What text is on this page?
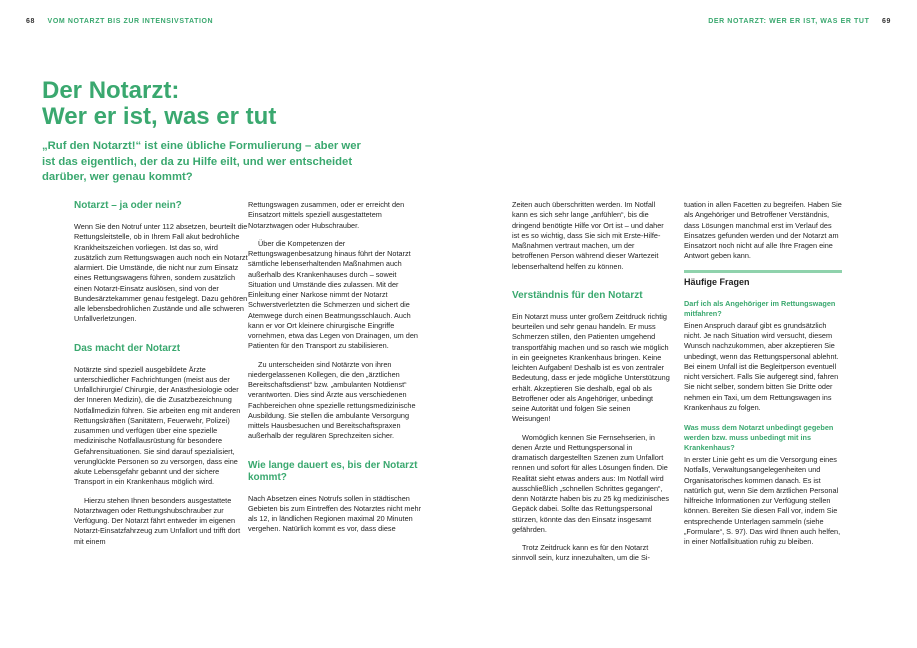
68 VOM NOTARZT BIS ZUR INTENSIVSTATION	DER NOTARZT: WER ER IST, WAS ER TUT 69
Der Notarzt:
Wer er ist, was er tut

„Ruf den Notarzt!“ ist eine übliche Formulierung – aber wer ist das eigentlich, der da zu Hilfe eilt, und wer entscheidet darüber, wer genau kommt?

Notarzt – ja oder nein?

Wenn Sie den Notruf unter 112 absetzen, beurteilt die Rettungsleitstelle, ob in Ihrem Fall akut bedrohliche Krankheitszeichen vorliegen. Ist das so, wird zusätzlich zum Rettungswagen auch noch ein Notarzt alarmiert. Die Umstände, die nicht nur zum Einsatz eines Rettungswagens führen, sondern zusätzlich einen Notarzt-Einsatz auslösen, sind von der Bundesärztekammer genau festgelegt. Dazu gehören alle lebensbedrohlichen Zustände und alle schweren Unfallverletzungen.

Das macht der Notarzt

Notärzte sind speziell ausgebildete Ärzte unterschiedlicher Fachrichtungen (meist aus der Unfallchirurgie/ Chirurgie, der Anästhesiologie oder der Inneren Medizin), die die Zusatzbezeichnung Notfallmedizin führen. Sie arbeiten eng mit anderen Rettungskräften (Sanitätern, Feuerwehr, Polizei) zusammen und verfügen über eine spezielle medizinische Notfallausrüstung für besondere Gefahrensituationen. Sie sind darauf spezialisiert, verunglückte Personen so zu versorgen, dass eine akute Lebensgefahr gebannt und der sichere Transport in ein Krankenhaus möglich wird.

Hierzu stehen Ihnen besonders ausgestattete Notarztwagen oder Rettungshubschrauber zur Verfügung. Der Notarzt fährt entweder im eigenen Notarzt-Einsatzfahrzeug zum Unfallort und trifft dort mit einem

Rettungswagen zusammen, oder er erreicht den Einsatzort mittels speziell ausgestattetem Notarztwagen oder Hubschrauber.

Über die Kompetenzen der Rettungswagenbesatzung hinaus führt der Notarzt sämtliche lebenserhaltenden Maßnahmen auch außerhalb des Krankenhauses durch – soweit Situation und Umstände dies zulassen. Mit der Einleitung einer Narkose nimmt der Notarzt Schwerstverletzten die Schmerzen und sichert die Atemwege durch einen Beatmungsschlauch. Auch kann er vor Ort kleinere chirurgische Eingriffe vornehmen, etwa das Legen von Drainagen, um den Patienten für den Transport zu stabilisieren.

Zu unterscheiden sind Notärzte von ihren niedergelassenen Kollegen, die den „ärztlichen Bereitschaftsdienst“ bzw. „ambulanten Notdienst“ verantworten. Dies sind Ärzte aus verschiedenen Fachbereichen ohne spezielle rettungsmedizinische Ausbildung. Sie stellen die ambulante Versorgung mittels Hausbesuchen und Bereitschaftspraxen außerhalb der regulären Sprechzeiten sicher.

Wie lange dauert es, bis der Notarzt kommt?

Nach Absetzen eines Notrufs sollen in städtischen Gebieten bis zum Eintreffen des Notarztes nicht mehr als 12, in ländlichen Regionen maximal 20 Minuten vergehen. Natürlich kommt es vor, dass diese

Zeiten auch überschritten werden. Im Notfall kann es sich sehr lange „anfühlen“, bis die dringend benötigte Hilfe vor Ort ist – und daher ist es so wichtig, dass Sie sich mit Erste-Hilfe-Maßnahmen vertraut machen, um der betroffenen Person während dieser Wartezeit lebenserhaltend helfen zu können.

Verständnis für den Notarzt

Ein Notarzt muss unter großem Zeitdruck richtig beurteilen und sehr genau handeln. Er muss Schmerzen stillen, den Patienten umgehend transportfähig machen und so rasch wie möglich in ein geeignetes Krankenhaus bringen. Keine leichten Aufgaben! Deshalb ist es von zentraler Bedeutung, dass er jede mögliche Unterstützung erhält. Akzeptieren Sie deshalb, egal ob als Betroffener oder als Angehöriger, unbedingt seine Autorität und folgen Sie seinen Weisungen!

Womöglich kennen Sie Fernsehserien, in denen Ärzte und Rettungspersonal in dramatisch dargestellten Szenen zum Unfallort rennen und sofort für alles Lösungen finden. Die Realität sieht etwas anders aus: Im Notfall wird ausschließlich „schnellen Schrittes gegangen“, denn Notärzte haben bis zu 25 kg medizinisches Gepäck dabei. Sollte das Rettungspersonal stürzen, könnte das den Einsatz insgesamt gefährden.

Trotz Zeitdruck kann es für den Notarzt sinnvoll sein, kurz innezuhalten, um die Si-

tuation in allen Facetten zu begreifen. Haben Sie als Angehöriger und Betroffener Verständnis, dass Lösungen manchmal erst im Verlauf des Einsatzes gefunden werden und der Notarzt am Einsatzort noch nicht auf alle Ihre Fragen eine Antwort geben kann.

Häufige Fragen
Darf ich als Angehöriger im Rettungswagen mitfahren?

Einen Anspruch darauf gibt es grundsätzlich nicht. Je nach Situation wird versucht, diesem Wunsch nachzukommen, aber akzeptieren Sie unbedingt, wenn das Rettungspersonal ablehnt. Bei einem Unfall ist die Begleitperson eventuell nicht versichert. Falls Sie aufgeregt sind, fahren Sie nicht selber, sondern bitten Sie Dritte oder nehmen ein Taxi, um dem Rettungswagen ins Krankenhaus zu folgen.

Was muss dem Notarzt unbedingt gegeben werden bzw. muss unbedingt mit ins Krankenhaus?

In erster Linie geht es um die Versorgung eines Notfalls, Verwaltungsangelegenheiten und Organisatorisches kommen danach. Es ist natürlich gut, wenn Sie dem ärztlichen Personal hilfreiche Informationen zur Verfügung stellen können. Bereiten Sie diesen Fall vor, indem Sie entsprechende Unterlagen sammeln (siehe „Formulare“, S. 97). Das wird Ihnen auch helfen, in einer Notfallsituation ruhig zu bleiben.
